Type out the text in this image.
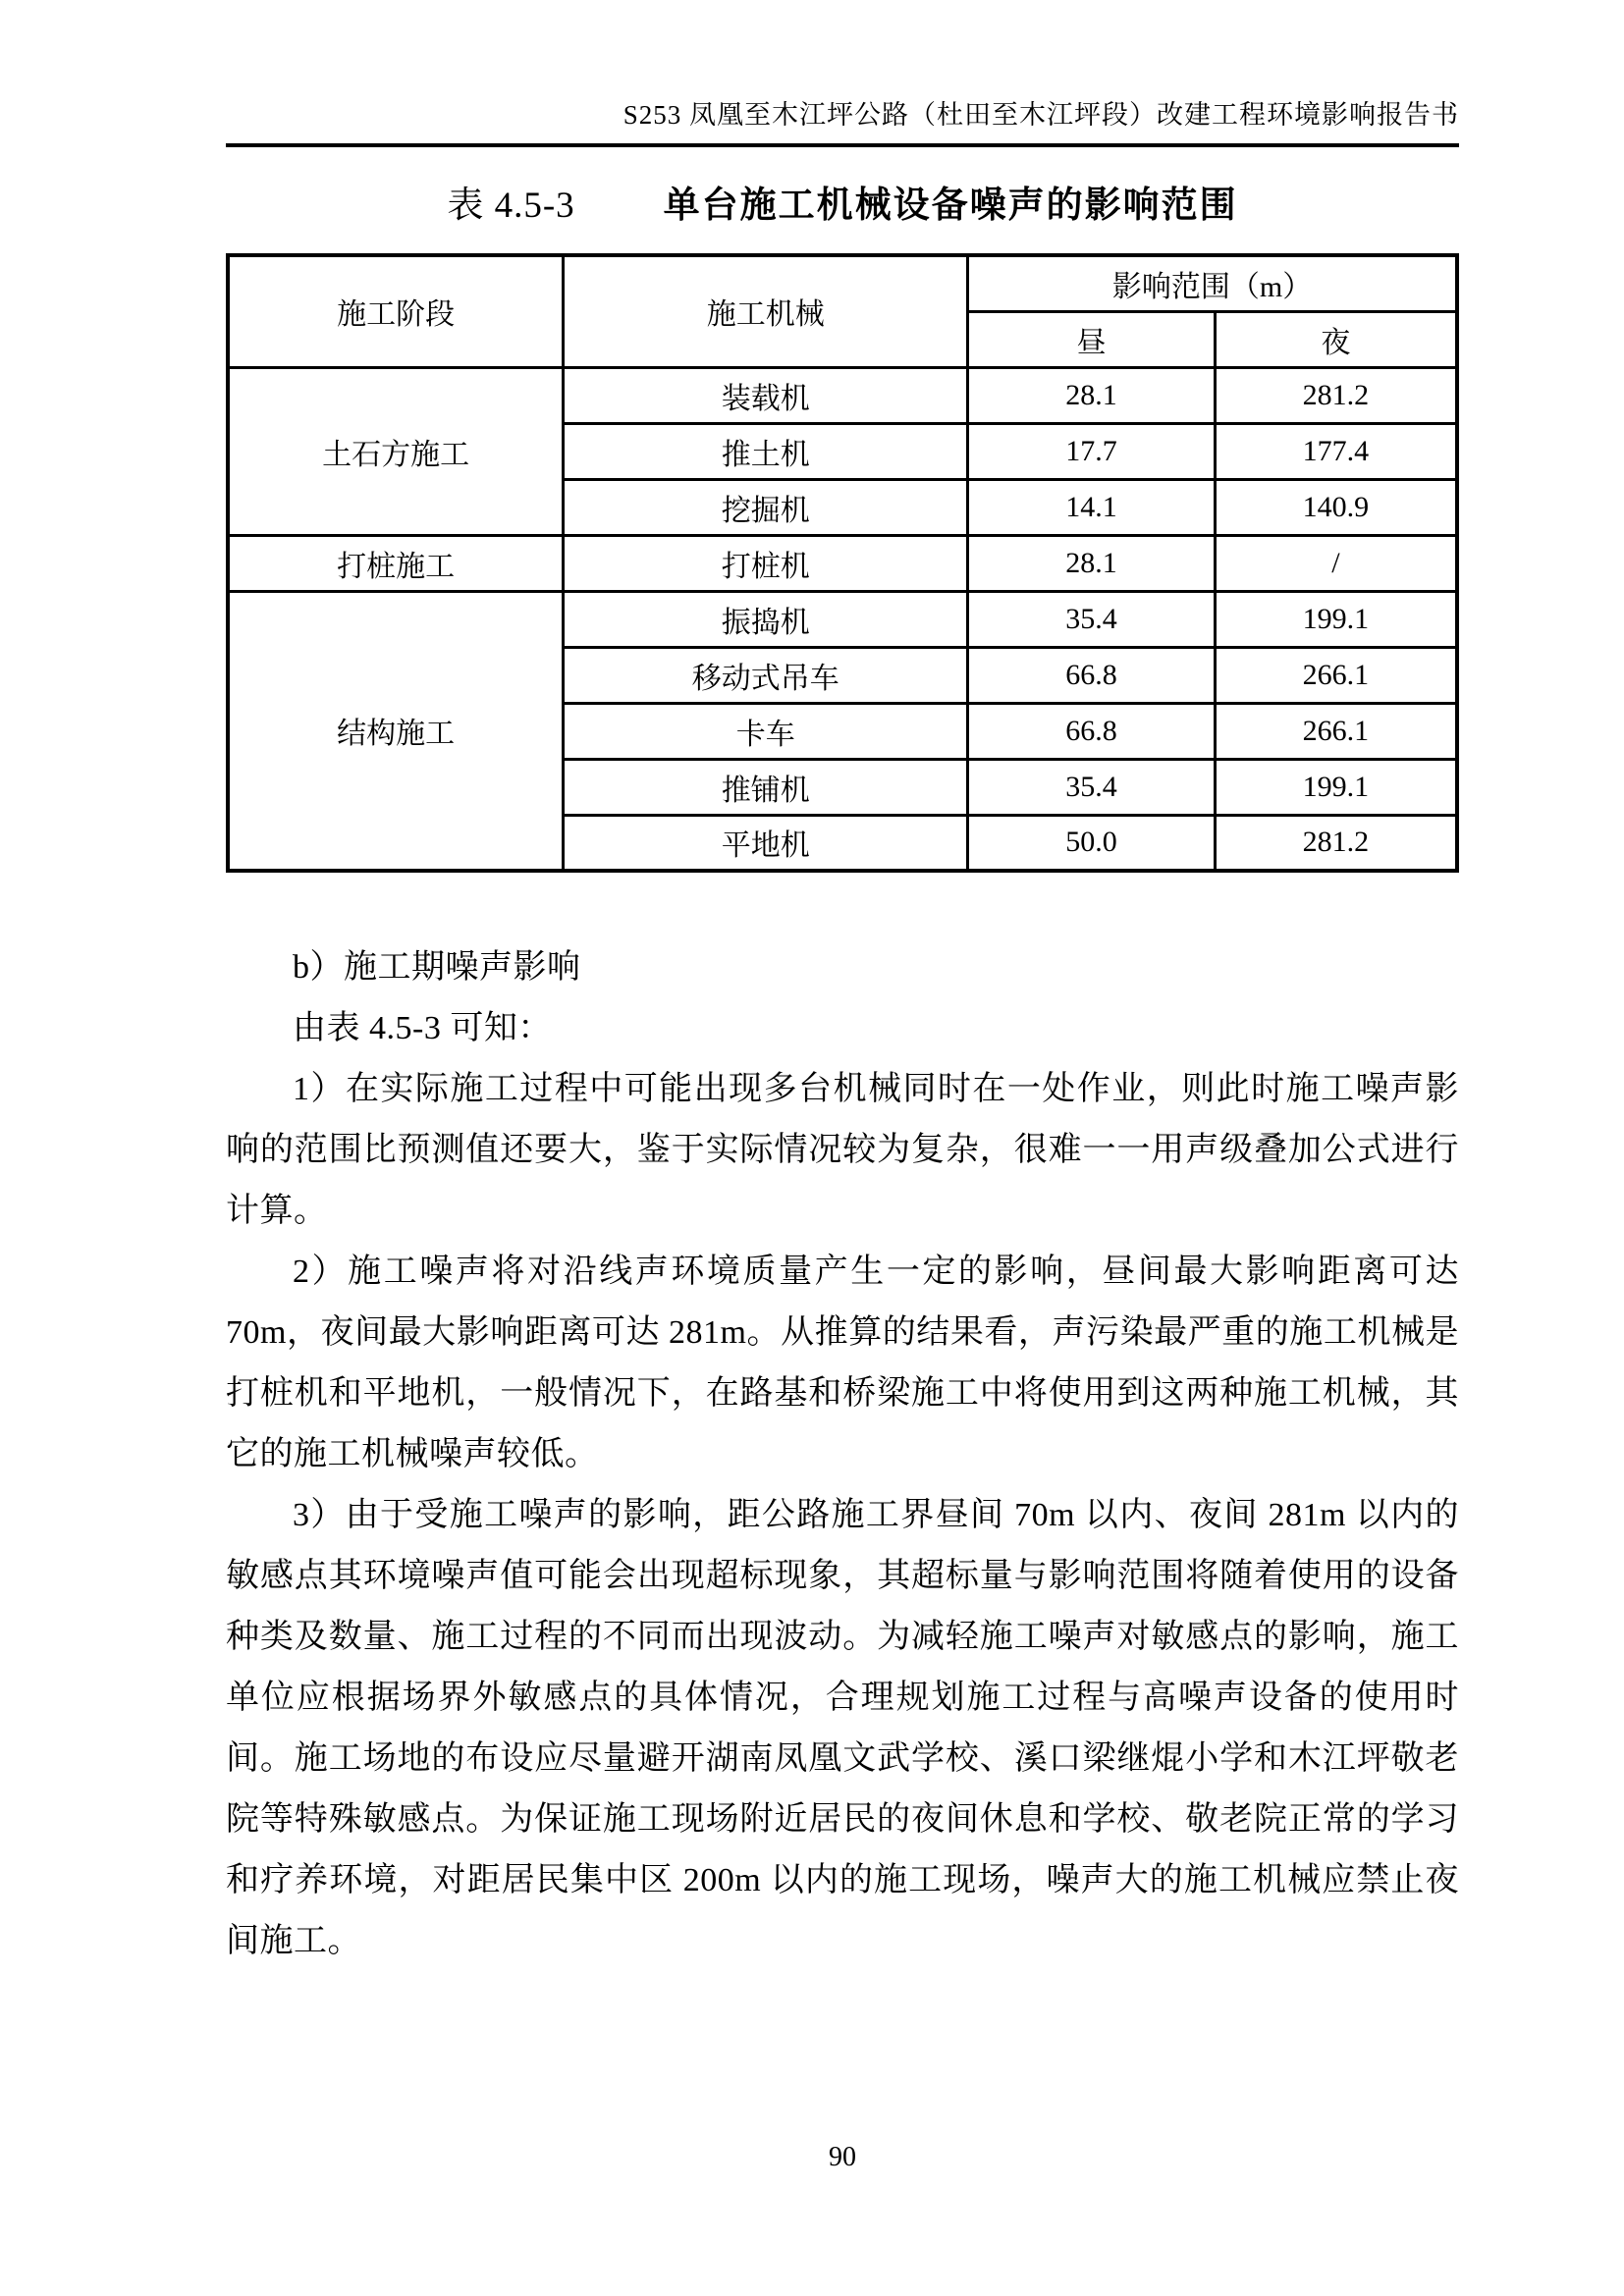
S253 凤凰至木江坪公路（杜田至木江坪段）改建工程环境影响报告书
表 4.5-3 单台施工机械设备噪声的影响范围
施工阶段	施工机械	影响范围（m）	
		昼	夜
土石方施工	装载机	28.1	281.2
	推土机	17.7	177.4
	挖掘机	14.1	140.9
打桩施工	打桩机	28.1	/
结构施工	振捣机	35.4	199.1
	移动式吊车	66.8	266.1
	卡车	66.8	266.1
	推铺机	35.4	199.1
	平地机	50.0	281.2

b）施工期噪声影响

由表 4.5-3 可知：

1）在实际施工过程中可能出现多台机械同时在一处作业，则此时施工噪声影响的范围比预测值还要大，鉴于实际情况较为复杂，很难一一用声级叠加公式进行计算。

2）施工噪声将对沿线声环境质量产生一定的影响，昼间最大影响距离可达 70m，夜间最大影响距离可达 281m。从推算的结果看，声污染最严重的施工机械是打桩机和平地机，一般情况下，在路基和桥梁施工中将使用到这两种施工机械，其它的施工机械噪声较低。

3）由于受施工噪声的影响，距公路施工界昼间 70m 以内、夜间 281m 以内的敏感点其环境噪声值可能会出现超标现象，其超标量与影响范围将随着使用的设备种类及数量、施工过程的不同而出现波动。为减轻施工噪声对敏感点的影响，施工单位应根据场界外敏感点的具体情况，合理规划施工过程与高噪声设备的使用时间。施工场地的布设应尽量避开湖南凤凰文武学校、溪口梁继焜小学和木江坪敬老院等特殊敏感点。为保证施工现场附近居民的夜间休息和学校、敬老院正常的学习和疗养环境，对距居民集中区 200m 以内的施工现场，噪声大的施工机械应禁止夜间施工。

90
